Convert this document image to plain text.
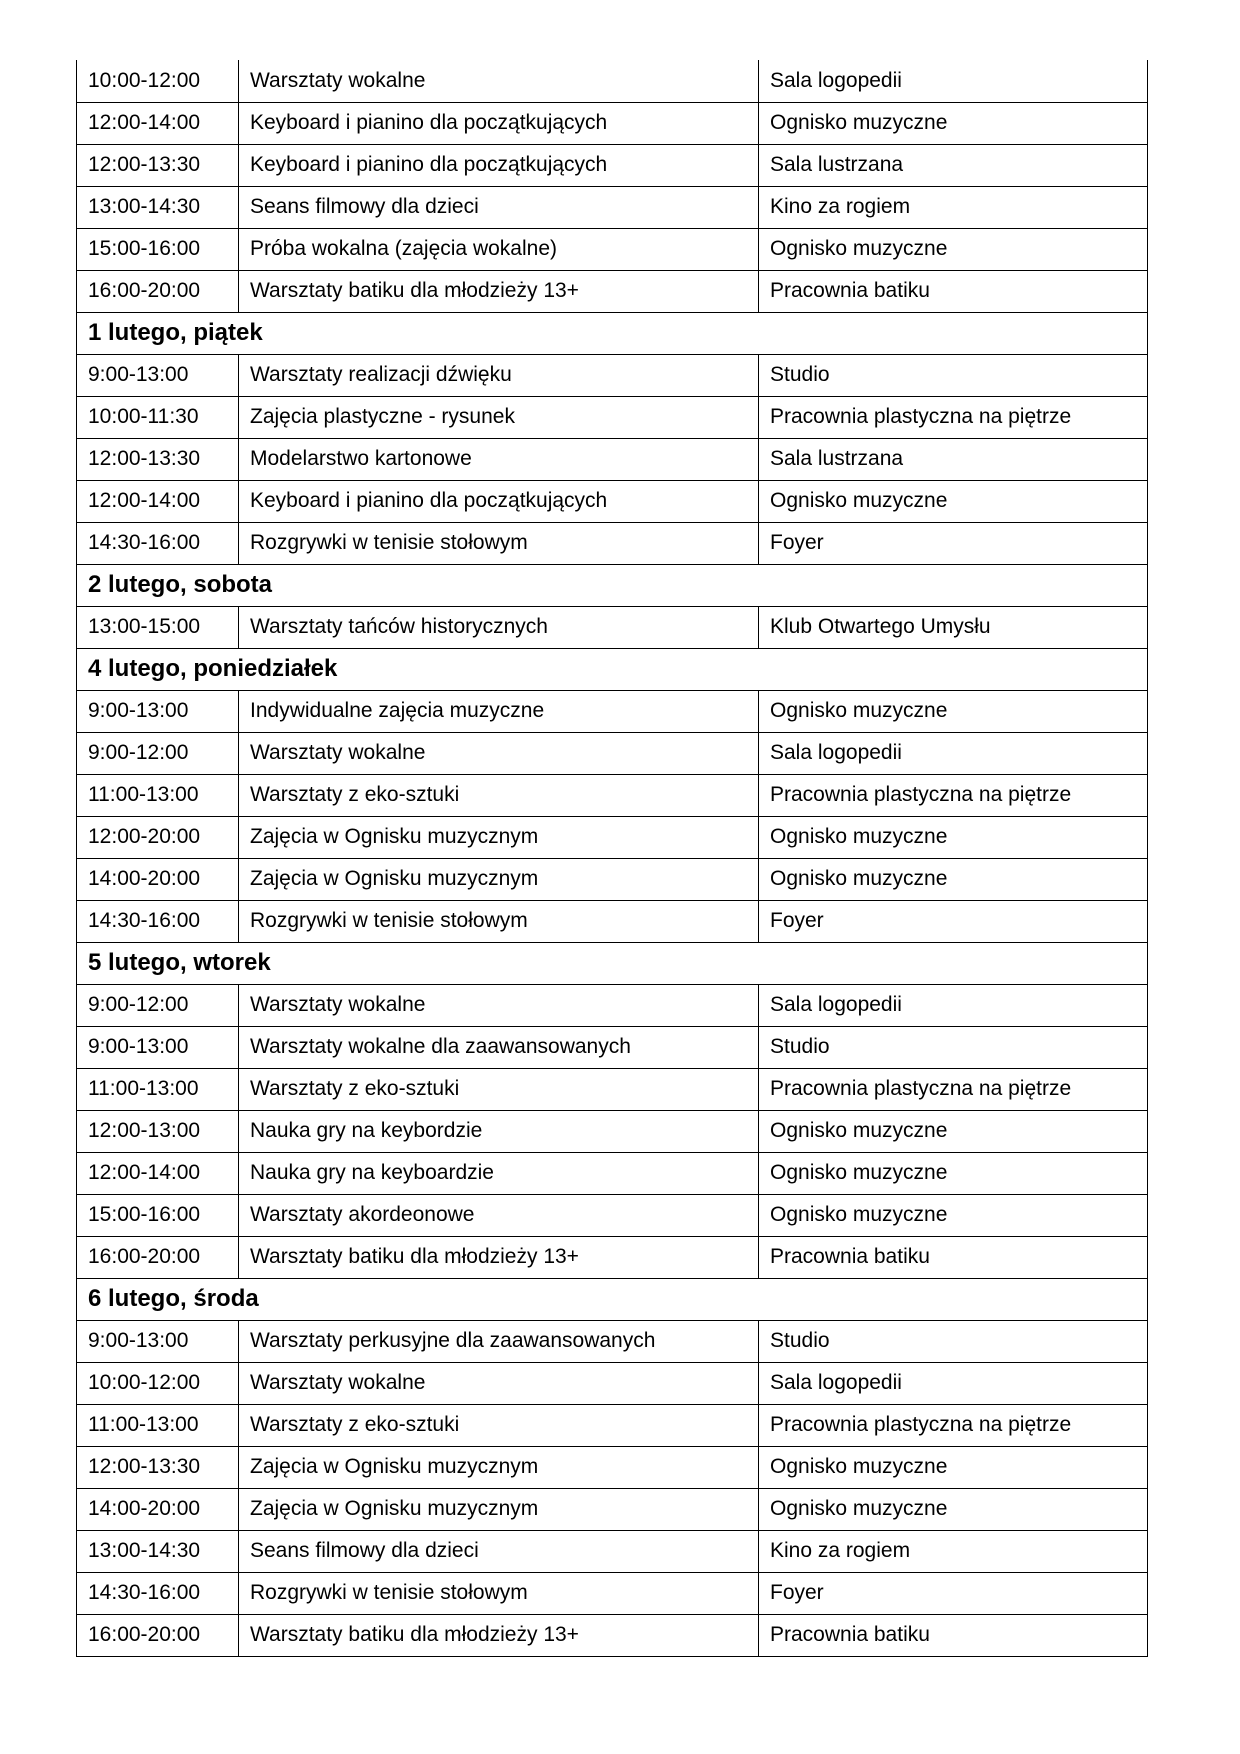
10:00-12:00	Warsztaty wokalne	Sala logopedii
12:00-14:00	Keyboard i pianino dla początkujących	Ognisko muzyczne
12:00-13:30	Keyboard i pianino dla początkujących	Sala lustrzana
13:00-14:30	Seans filmowy dla dzieci	Kino za rogiem
15:00-16:00	Próba wokalna (zajęcia wokalne)	Ognisko muzyczne
16:00-20:00	Warsztaty batiku dla młodzieży 13+	Pracownia batiku
1 lutego, piątek		
9:00-13:00	Warsztaty realizacji dźwięku	Studio
10:00-11:30	Zajęcia plastyczne - rysunek	Pracownia plastyczna na piętrze
12:00-13:30	Modelarstwo kartonowe	Sala lustrzana
12:00-14:00	Keyboard i pianino dla początkujących	Ognisko muzyczne
14:30-16:00	Rozgrywki w tenisie stołowym	Foyer
2 lutego, sobota		
13:00-15:00	Warsztaty tańców historycznych	Klub Otwartego Umysłu
4 lutego, poniedziałek		
9:00-13:00	Indywidualne zajęcia muzyczne	Ognisko muzyczne
9:00-12:00	Warsztaty wokalne	Sala logopedii
11:00-13:00	Warsztaty z eko-sztuki	Pracownia plastyczna na piętrze
12:00-20:00	Zajęcia w Ognisku muzycznym	Ognisko muzyczne
14:00-20:00	Zajęcia w Ognisku muzycznym	Ognisko muzyczne
14:30-16:00	Rozgrywki w tenisie stołowym	Foyer
5 lutego, wtorek		
9:00-12:00	Warsztaty wokalne	Sala logopedii
9:00-13:00	Warsztaty wokalne dla zaawansowanych	Studio
11:00-13:00	Warsztaty z eko-sztuki	Pracownia plastyczna na piętrze
12:00-13:00	Nauka gry na keybordzie	Ognisko muzyczne
12:00-14:00	Nauka gry na keyboardzie	Ognisko muzyczne
15:00-16:00	Warsztaty akordeonowe	Ognisko muzyczne
16:00-20:00	Warsztaty batiku dla młodzieży 13+	Pracownia batiku
6 lutego, środa		
9:00-13:00	Warsztaty perkusyjne dla zaawansowanych	Studio
10:00-12:00	Warsztaty wokalne	Sala logopedii
11:00-13:00	Warsztaty z eko-sztuki	Pracownia plastyczna na piętrze
12:00-13:30	Zajęcia w Ognisku muzycznym	Ognisko muzyczne
14:00-20:00	Zajęcia w Ognisku muzycznym	Ognisko muzyczne
13:00-14:30	Seans filmowy dla dzieci	Kino za rogiem
14:30-16:00	Rozgrywki w tenisie stołowym	Foyer
16:00-20:00	Warsztaty batiku dla młodzieży 13+	Pracownia batiku
